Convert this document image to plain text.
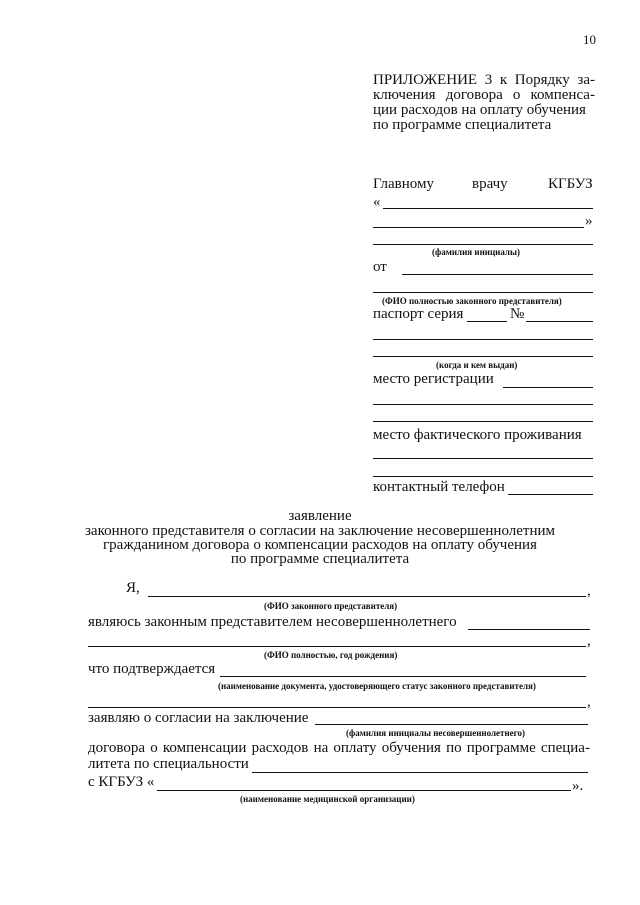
10
ПРИЛОЖЕНИЕ 3 к Порядку за-
ключения договора о компенса-
ции расходов на оплату обучения
по программе специалитета
Главному	врачу	КГБУЗ
«
»
(фамилия инициалы)
от
(ФИО полностью законного представителя)
паспорт серия	№
(когда и кем выдан)
место регистрации
место фактического проживания
контактный телефон
заявление
законного представителя о согласии на заключение несовершеннолетним
гражданином договора о компенсации расходов на оплату обучения
по программе специалитета
Я,	,
(ФИО законного представителя)
являюсь законным представителем несовершеннолетнего
,
(ФИО полностью, год рождения)
что подтверждается
(наименование документа, удостоверяющего статус законного представителя)
,
заявляю о согласии на заключение
(фамилия инициалы несовершеннолетнего)
договора о компенсации расходов на оплату обучения по программе специа-
литета по специальности
с КГБУЗ «	».
(наименование медицинской организации)
